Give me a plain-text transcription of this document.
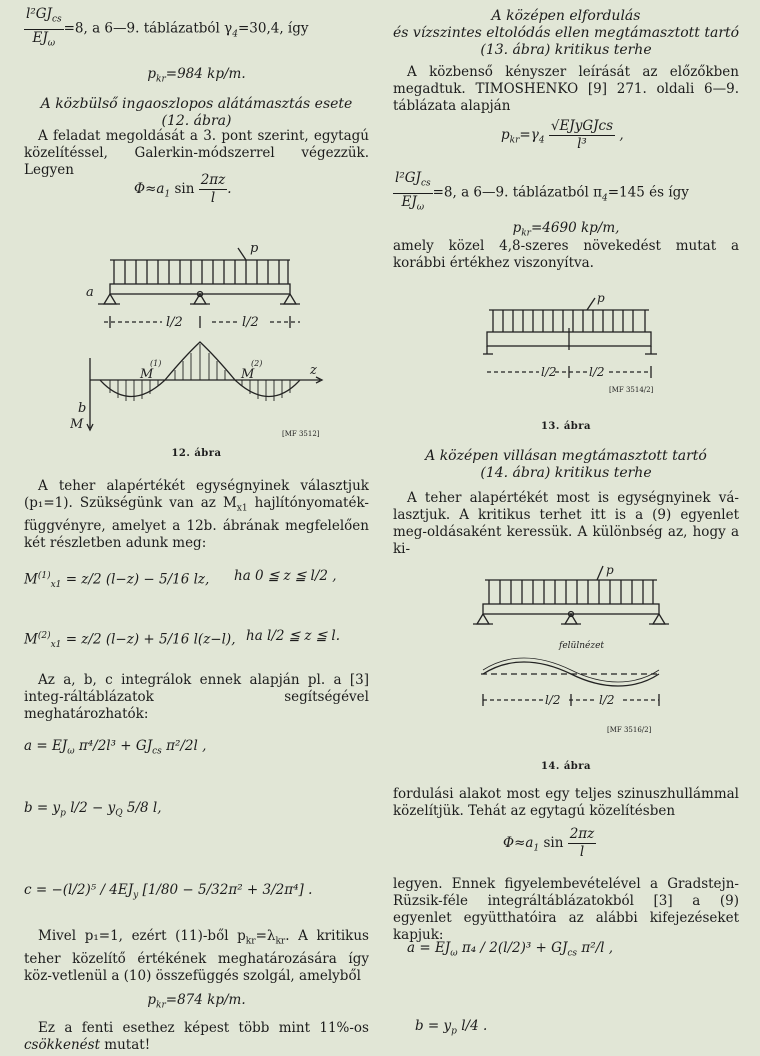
$\frac{l^2GJ_{cs}}{EJ_\omega} =8$, a 6—9. táblázatból $\gamma_4=30,4$, így
$p_{kr}=984$ kp/m.
A közbülső ingaoszlopos alátámasztás esete
(12. ábra)
A feladat megoldását a 3. pont szerint, egytagú közelítéssel, Galerkin-módszerrel végezzük. Legyen
$\Phi\approx a_1$ $\sin \frac{2\pi z}{l}$ .
p
a
l/2	l/2
M
(1)
M
(2)	z
b
M
[MF 3512]
12. ábra
A teher alapértékét egységnyinek választjuk (p₁=1). Szükségünk van az $M_{x1}$ hajlítónyomaték-függvényre, amelyet a 12b. ábrának megfelelően két részletben adunk meg:
$M^{(1)}_{x1} = z/2$ (l−z) − 5/16 lz, ha 0 ≦ z ≦ l/2 ,
$M^{(2)}_{x1} = z/2$ (l−z) + 5/16 l(z−l), ha l/2 ≦ z ≦ l.
Az a, b, c integrálok ennek alapján pl. a [3] integ-ráltáblázatok segítségével meghatározhatók:
$a = EJ_\omega$ $\pi^4/2l^3 + GJ_{cs}$ π²/2l ,
$b = y_p$ $l/2 - y_Q$ 5/8 l,
$c = -(l/2)^5 / 4EJ_y$ [1/80 − 5/32π² + 3/2π⁴] .
Mivel p₁=1, ezért (11)-ből $p_{kr}=\lambda_{kr}$. A kritikus teher közelítő értékének meghatározására így köz-vetlenül a (10) összefüggés szolgál, amelyből
$p_{kr}=874$ kp/m.
Ez a fenti esethez képest több mint 11%-os csökkenést mutat!
A középen elfordulás
és vízszintes eltolódás ellen megtámasztott tartó
(13. ábra) kritikus terhe
A közbenső kényszer leírását az előzőkben megadtuk. TIMOSHENKO [9] 271. oldali 6—9. táblázata alapján
$p_{kr}=\gamma_4 \frac{\text{√EJyGJcs}}{\text{l³}}$ ,
$\frac{l^2GJ_{cs}}{EJ_\omega} =8$, a 6—9. táblázatból $\pi_4=145$ és így
$p_{kr}=4690$ kp/m,
amely közel 4,8-szeres növekedést mutat a korábbi értékhez viszonyítva.
p
l/2	l/2
[MF 3514/2]
13. ábra
A középen villásan megtámasztott tartó
(14. ábra) kritikus terhe
A teher alapértékét most is egységnyinek vá-lasztjuk. A kritikus terhet itt is a (9) egyenlet meg-oldásaként keressük. A különbség az, hogy a ki-
p
felülnézet
l/2	l/2
[MF 3516/2]
14. ábra
fordulási alakot most egy teljes szinuszhullámmal közelítjük. Tehát az egytagú közelítésben
$\Phi\approx a_1$ $\sin \frac{2\pi z}{l}$
legyen. Ennek figyelembevételével a Gradstejn-Rüzsik-féle integráltáblázatokból [3] a (9) egyenlet együtthatóira az alábbi kifejezéseket kapjuk:
$a = EJ_\omega$ $\pi_4 / 2(l/2)^3 + GJ_{cs}$ π²/l ,
$b = y_p$ l/4 .
